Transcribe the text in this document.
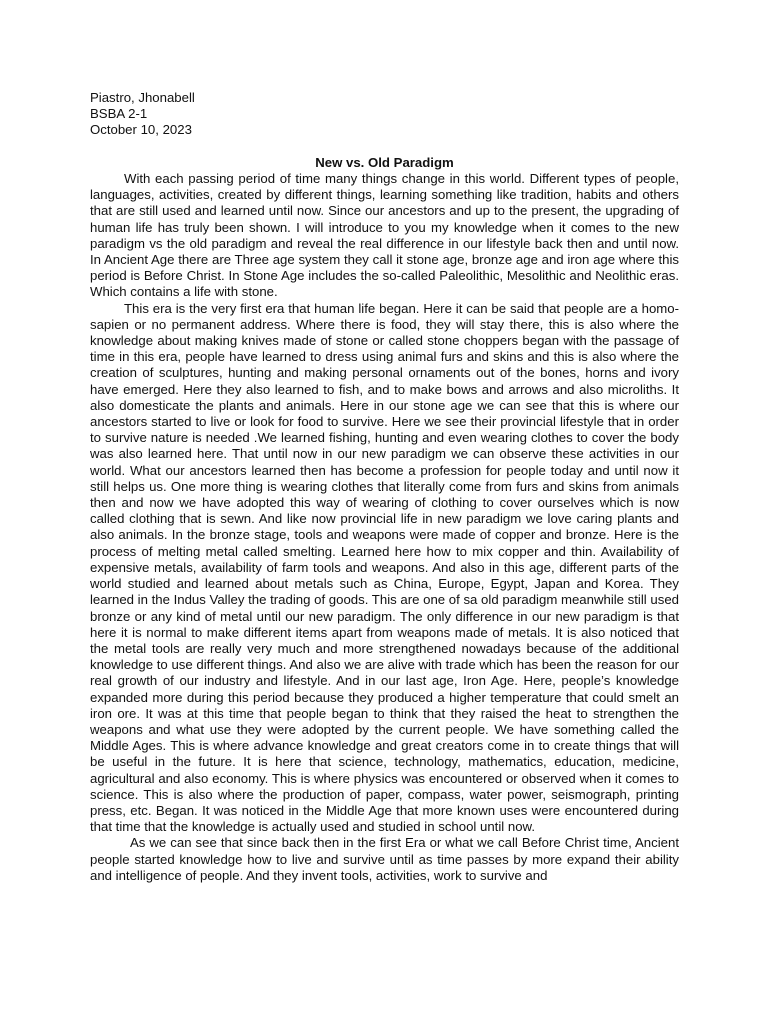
Piastro, Jhonabell
BSBA 2-1
October 10, 2023

New vs. Old Paradigm

With each passing period of time many things change in this world. Different types of people, languages, activities, created by different things, learning something like tradition, habits and others that are still used and learned until now. Since our ancestors and up to the present, the upgrading of human life has truly been shown. I will introduce to you my knowledge when it comes to the new paradigm vs the old paradigm and reveal the real difference in our lifestyle back then and until now. In Ancient Age there are Three age system they call it stone age, bronze age and iron age where this period is Before Christ. In Stone Age includes the so-called Paleolithic, Mesolithic and Neolithic eras. Which contains a life with stone.

This era is the very first era that human life began. Here it can be said that people are a homo-sapien or no permanent address. Where there is food, they will stay there, this is also where the knowledge about making knives made of stone or called stone choppers began with the passage of time in this era, people have learned to dress using animal furs and skins and this is also where the creation of sculptures, hunting and making personal ornaments out of the bones, horns and ivory have emerged. Here they also learned to fish, and to make bows and arrows and also microliths. It also domesticate the plants and animals. Here in our stone age we can see that this is where our ancestors started to live or look for food to survive. Here we see their provincial lifestyle that in order to survive nature is needed .We learned fishing, hunting and even wearing clothes to cover the body was also learned here. That until now in our new paradigm we can observe these activities in our world. What our ancestors learned then has become a profession for people today and until now it still helps us. One more thing is wearing clothes that literally come from furs and skins from animals then and now we have adopted this way of wearing of clothing to cover ourselves which is now called clothing that is sewn. And like now provincial life in new paradigm we love caring plants and also animals. In the bronze stage, tools and weapons were made of copper and bronze. Here is the process of melting metal called smelting. Learned here how to mix copper and thin. Availability of expensive metals, availability of farm tools and weapons. And also in this age, different parts of the world studied and learned about metals such as China, Europe, Egypt, Japan and Korea. They learned in the Indus Valley the trading of goods. This are one of sa old paradigm meanwhile still used bronze or any kind of metal until our new paradigm. The only difference in our new paradigm is that here it is normal to make different items apart from weapons made of metals. It is also noticed that the metal tools are really very much and more strengthened nowadays because of the additional knowledge to use different things. And also we are alive with trade which has been the reason for our real growth of our industry and lifestyle. And in our last age, Iron Age. Here, people’s knowledge expanded more during this period because they produced a higher temperature that could smelt an iron ore. It was at this time that people began to think that they raised the heat to strengthen the weapons and what use they were adopted by the current people. We have something called the Middle Ages. This is where advance knowledge and great creators come in to create things that will be useful in the future. It is here that science, technology, mathematics, education, medicine, agricultural and also economy. This is where physics was encountered or observed when it comes to science. This is also where the production of paper, compass, water power, seismograph, printing press, etc. Began. It was noticed in the Middle Age that more known uses were encountered during that time that the knowledge is actually used and studied in school until now.

As we can see that since back then in the first Era or what we call Before Christ time, Ancient people started knowledge how to live and survive until as time passes by more expand their ability and intelligence of people. And they invent tools, activities, work to survive and
